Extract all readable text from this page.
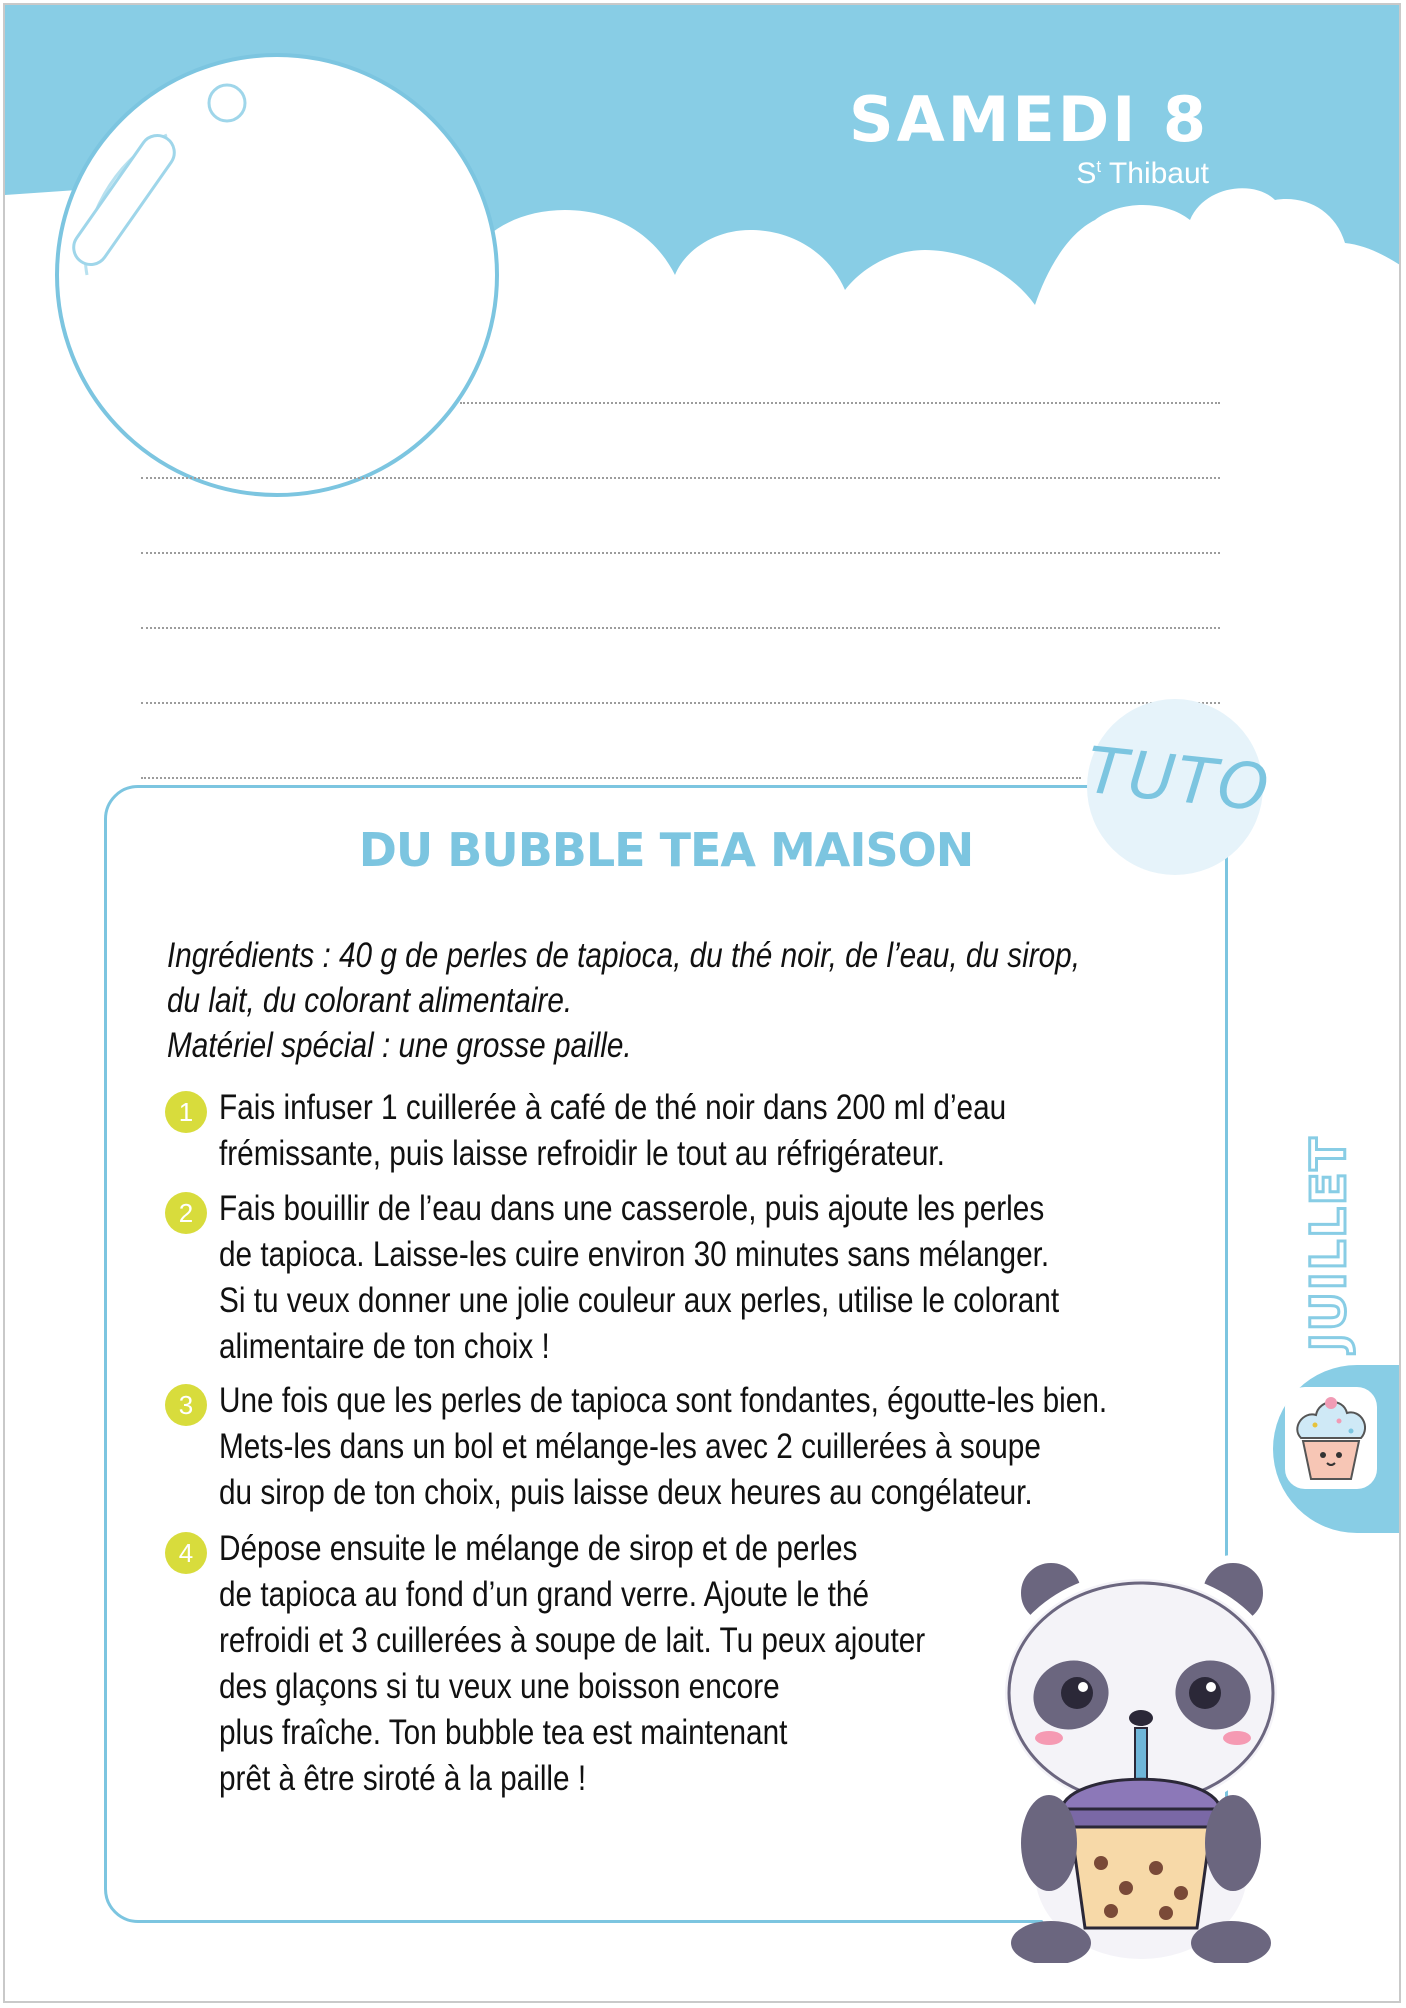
SAMEDI 8
$S^t$ Thibaut
TUTO
DU BUBBLE TEA MAISON
Ingrédients : 40 g de perles de tapioca, du thé noir, de l’eau, du sirop,
du lait, du colorant alimentaire.
Matériel spécial : une grosse paille.
1 Fais infuser 1 cuillerée à café de thé noir dans 200 ml d’eau
frémissante, puis laisse refroidir le tout au réfrigérateur.
2 Fais bouillir de l’eau dans une casserole, puis ajoute les perles
de tapioca. Laisse-les cuire environ 30 minutes sans mélanger.
Si tu veux donner une jolie couleur aux perles, utilise le colorant
alimentaire de ton choix !
3 Une fois que les perles de tapioca sont fondantes, égoutte-les bien.
Mets-les dans un bol et mélange-les avec 2 cuillerées à soupe
du sirop de ton choix, puis laisse deux heures au congélateur.
4 Dépose ensuite le mélange de sirop et de perles
de tapioca au fond d’un grand verre. Ajoute le thé
refroidi et 3 cuillerées à soupe de lait. Tu peux ajouter
des glaçons si tu veux une boisson encore
plus fraîche. Ton bubble tea est maintenant
prêt à être siroté à la paille !
JUILLET
